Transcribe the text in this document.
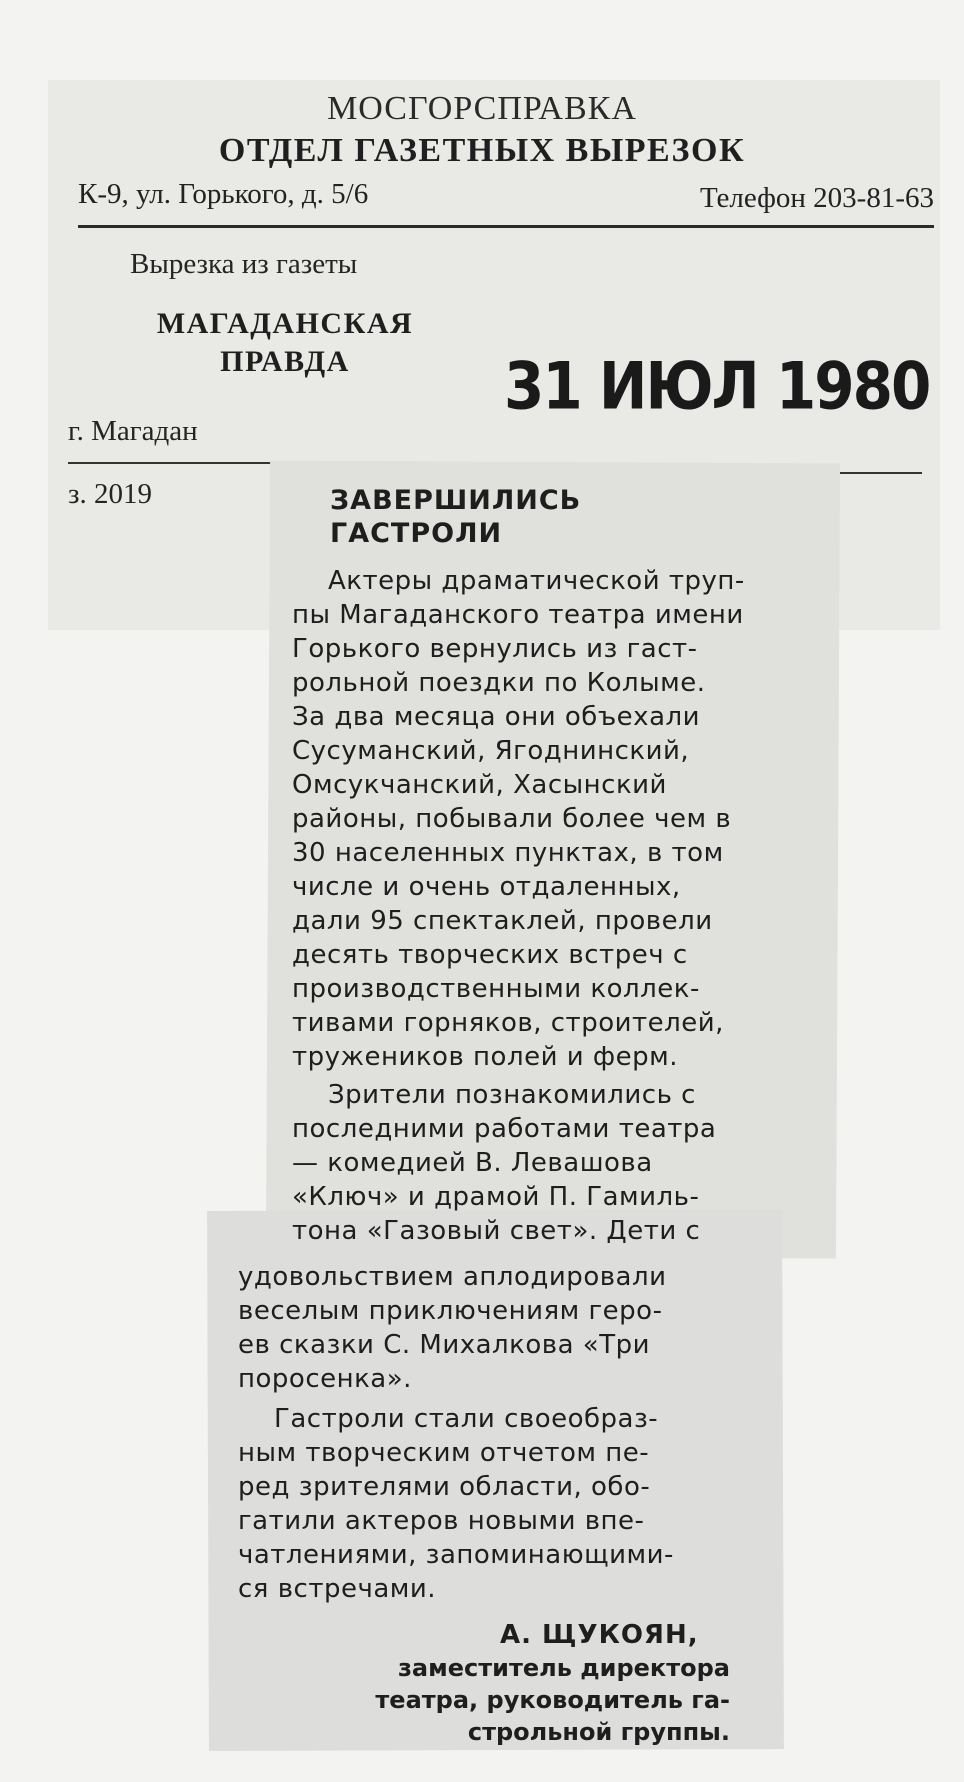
МОСГОРСПРАВКА
ОТДЕЛ ГАЗЕТНЫХ ВЫРЕЗОК
К-9, ул. Горького, д. 5/6	Телефон 203-81-63
Вырезка из газеты
МАГАДАНСКАЯ
ПРАВДА	31 ИЮЛ 1980
г. Магадан
з. 2019	ЗАВЕРШИЛИСЬ
ГАСТРОЛИ
Актеры драматической труп-
пы Магаданского театра имени
Горького вернулись из гаст-
рольной поездки по Колыме.
За два месяца они объехали
Сусуманский, Ягоднинский,
Омсукчанский, Хасынский
районы, побывали более чем в
30 населенных пунктах, в том
числе и очень отдаленных,
дали 95 спектаклей, провели
десять творческих встреч с
производственными коллек-
тивами горняков, строителей,
тружеников полей и ферм.
Зрители познакомились с
последними работами театра
— комедией В. Левашова
«Ключ» и драмой П. Гамиль-
тона «Газовый свет». Дети с
удовольствием аплодировали
веселым приключениям геро-
ев сказки С. Михалкова «Три
поросенка».
Гастроли стали своеобраз-
ным творческим отчетом пе-
ред зрителями области, обо-
гатили актеров новыми впе-
чатлениями, запоминающими-
ся встречами.
А. ЩУКОЯН,
заместитель директора
театра, руководитель га-
строльной группы.
